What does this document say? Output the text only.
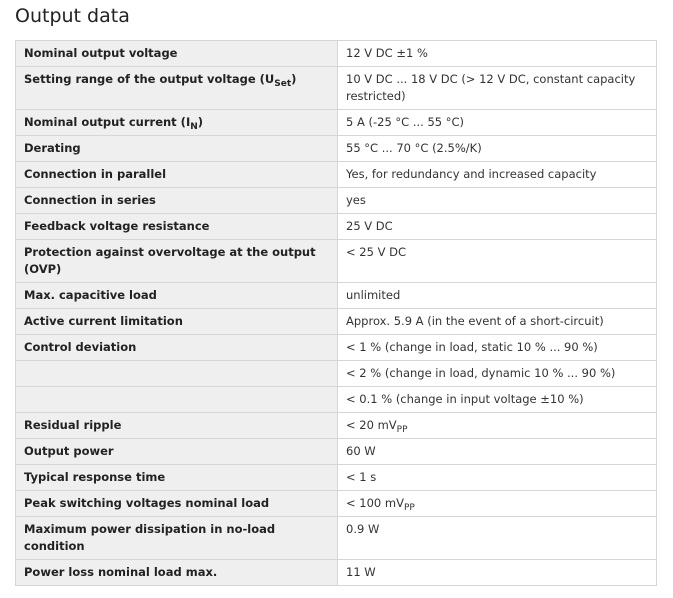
Output data
Nominal output voltage	12 V DC ±1 %
Setting range of the output voltage $(U_{Set})$	10 V DC ... 18 V DC (> 12 V DC, constant capacity restricted)
Nominal output current $(I_N)$	5 A (-25 °C ... 55 °C)
Derating	55 °C ... 70 °C (2.5%/K)
Connection in parallel	Yes, for redundancy and increased capacity
Connection in series	yes
Feedback voltage resistance	25 V DC
Protection against overvoltage at the output (OVP)	< 25 V DC
Max. capacitive load	unlimited
Active current limitation	Approx. 5.9 A (in the event of a short-circuit)
Control deviation	< 1 % (change in load, static 10 % ... 90 %)
	< 2 % (change in load, dynamic 10 % ... 90 %)
	< 0.1 % (change in input voltage ±10 %)
Residual ripple	< 20 $mV_{PP}$
Output power	60 W
Typical response time	< 1 s
Peak switching voltages nominal load	< 100 $mV_{PP}$
Maximum power dissipation in no-load condition	0.9 W
Power loss nominal load max.	11 W
